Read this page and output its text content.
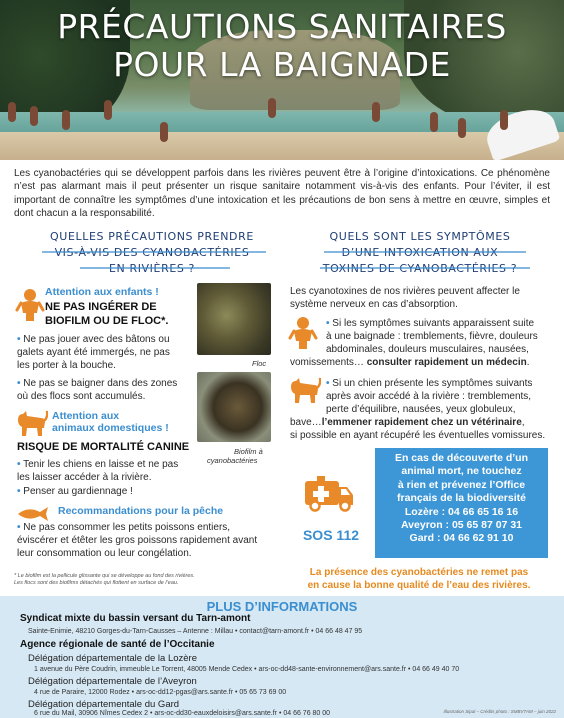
PRÉCAUTIONS SANITAIRES
POUR LA BAIGNADE
Les cyanobactéries qui se développent parfois dans les rivières peuvent être à l’origine d’intoxications. Ce phénomène n’est pas alarmant mais il peut présenter un risque sanitaire notamment vis-à-vis des enfants. Pour l’éviter, il est important de connaître les symptômes d’une intoxication et les précautions de bon sens à mettre en œuvre, simples et dont chacun a la responsabilité.
QUELLES PRÉCAUTIONS PRENDRE
VIS-À-VIS DES CYANOBACTÉRIES
EN RIVIÈRES ?
QUELS SONT LES SYMPTÔMES
D’UNE INTOXICATION AUX
TOXINES DE CYANOBACTÉRIES ?
Attention aux enfants !
NE PAS INGÉRER DE
BIOFILM OU DE FLOC*.
• Ne pas jouer avec des bâtons ou
galets ayant été immergés, ne pas
les porter à la bouche.
• Ne pas se baigner dans des zones
où des flocs sont accumulés.
Floc
Biofilm à
cyanobactéries
Attention aux
animaux domestiques !
RISQUE DE MORTALITÉ CANINE
• Tenir les chiens en laisse et ne pas
les laisser accéder à la rivière.
• Penser au gardiennage !
Recommandations pour la pêche
• Ne pas consommer les petits poissons entiers,
éviscérer et étêter les gros poissons rapidement avant
leur consommation ou leur congélation.
* Le biofilm est la pellicule glissante qui se développe au fond des rivières.
Les flocs sont des biofilms détachés qui flottent en surface de l’eau.
Les cyanotoxines de nos rivières peuvent affecter le
système nerveux en cas d’absorption.
• Si les symptômes suivants apparaissent suite
à une baignade : tremblements, fièvre, douleurs
abdominales, douleurs musculaires, nausées,
vomissements… consulter rapidement un médecin.
• Si un chien présente les symptômes suivants
après avoir accédé à la rivière : tremblements,
perte d’équilibre, nausées, yeux globuleux,
bave…l’emmener rapidement chez un vétérinaire,
si possible en ayant récupéré les éventuelles vomissures.
SOS 112
En cas de découverte d’un
animal mort, ne touchez
à rien et prévenez l’Office
français de la biodiversité
Lozère : 04 66 65 16 16
Aveyron : 05 65 87 07 31
Gard : 04 66 62 91 10
La présence des cyanobactéries ne remet pas
en cause la bonne qualité de l’eau des rivières.
PLUS D’INFORMATIONS
Syndicat mixte du bassin versant du Tarn-amont
Sainte-Enimie, 48210 Gorges-du-Tarn-Causses – Antenne : Millau • contact@tarn-amont.fr • 04 66 48 47 95
Agence régionale de santé de l’Occitanie
Délégation départementale de la Lozère
1 avenue du Père Coudrin, immeuble Le Torrent, 48005 Mende Cedex • ars-oc-dd48-sante-environnement@ars.sante.fr • 04 66 49 40 70
Délégation départementale de l’Aveyron
4 rue de Paraire, 12000 Rodez • ars-oc-dd12-pgas@ars.sante.fr • 05 65 73 69 00
Délégation départementale du Gard
6 rue du Mail, 30906 Nîmes Cedex 2 • ars-oc-dd30-eauxdeloisirs@ars.sante.fr • 04 66 76 80 00	Illustration Sipal – Crédits photo : SMBVTAM – juin 2022
